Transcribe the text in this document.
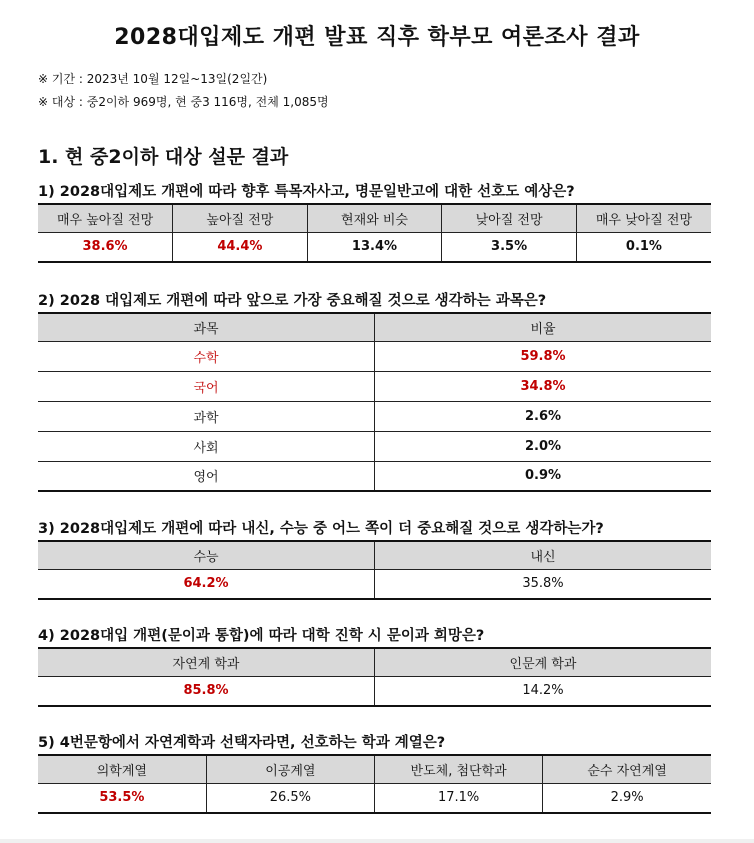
2028대입제도 개편 발표 직후 학부모 여론조사 결과
※ 기간 : 2023년 10월 12일~13일(2일간)
※ 대상 : 중2이하 969명, 현 중3 116명, 전체 1,085명
1. 현 중2이하 대상 설문 결과
1) 2028대입제도 개편에 따라 향후 특목자사고, 명문일반고에 대한 선호도 예상은?
매우 높아질 전망	높아질 전망	현재와 비슷	낮아질 전망	매우 낮아질 전망
38.6%	44.4%	13.4%	3.5%	0.1%
2) 2028 대입제도 개편에 따라 앞으로 가장 중요해질 것으로 생각하는 과목은?
과목	비율
수학	59.8%
국어	34.8%
과학	2.6%
사회	2.0%
영어	0.9%
3) 2028대입제도 개편에 따라 내신, 수능 중 어느 쪽이 더 중요해질 것으로 생각하는가?
수능	내신
64.2%	35.8%
4) 2028대입 개편(문이과 통합)에 따라 대학 진학 시 문이과 희망은?
자연계 학과	인문계 학과
85.8%	14.2%
5) 4번문항에서 자연계학과 선택자라면, 선호하는 학과 계열은?
의학계열	이공계열	반도체, 첨단학과	순수 자연계열
53.5%	26.5%	17.1%	2.9%
